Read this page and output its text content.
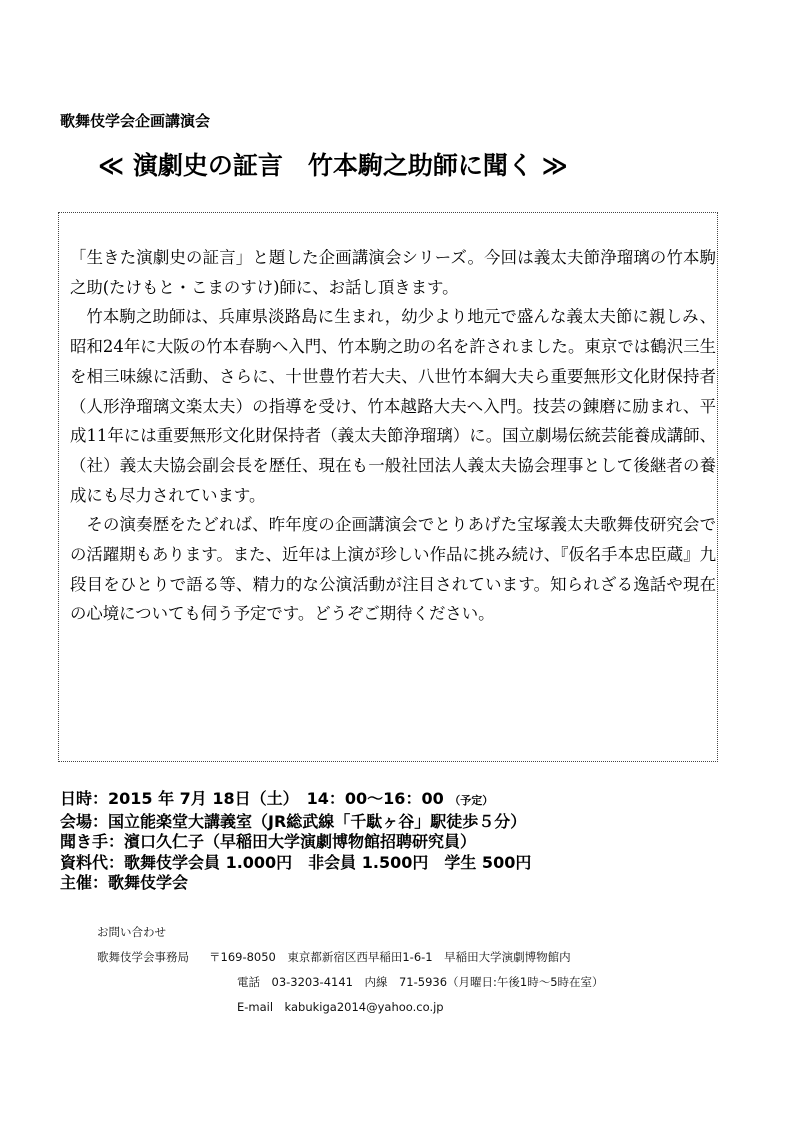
歌舞伎学会企画講演会
≪ 演劇史の証言　竹本駒之助師に聞く ≫

「生きた演劇史の証言」と題した企画講演会シリーズ。今回は義太夫節浄瑠璃の竹本駒之助(たけもと・こまのすけ)師に、お話し頂きます。

竹本駒之助師は、兵庫県淡路島に生まれ，幼少より地元で盛んな義太夫節に親しみ、昭和24年に大阪の竹本春駒へ入門、竹本駒之助の名を許されました。東京では鶴沢三生を相三味線に活動、さらに、十世豊竹若大夫、八世竹本綱大夫ら重要無形文化財保持者（人形浄瑠璃文楽太夫）の指導を受け、竹本越路大夫へ入門。技芸の錬磨に励まれ、平成11年には重要無形文化財保持者（義太夫節浄瑠璃）に。国立劇場伝統芸能養成講師、（社）義太夫協会副会長を歴任、現在も一般社団法人義太夫協会理事として後継者の養成にも尽力されています。

その演奏歴をたどれば、昨年度の企画講演会でとりあげた宝塚義太夫歌舞伎研究会での活躍期もあります。また、近年は上演が珍しい作品に挑み続け、『仮名手本忠臣蔵』九段目をひとりで語る等、精力的な公演活動が注目されています。知られざる逸話や現在の心境についても伺う予定です。どうぞご期待ください。

日時：2015 年 7月 18日（土）　14：00〜16：00 （予定）
会場：国立能楽堂大講義室（JR総武線「千駄ヶ谷」駅徒歩５分）
聞き手：濱口久仁子（早稲田大学演劇博物館招聘研究員）
資料代：歌舞伎学会員 1.000円　非会員 1.500円　学生 500円
主催：歌舞伎学会
お問い合わせ
歌舞伎学会事務局 〒169-8050　東京都新宿区西早稲田1-6-1　早稲田大学演劇博物館内
電話　03-3203-4141　内線　71-5936（月曜日:午後1時〜5時在室）
E-mail　kabukiga2014@yahoo.co.jp
